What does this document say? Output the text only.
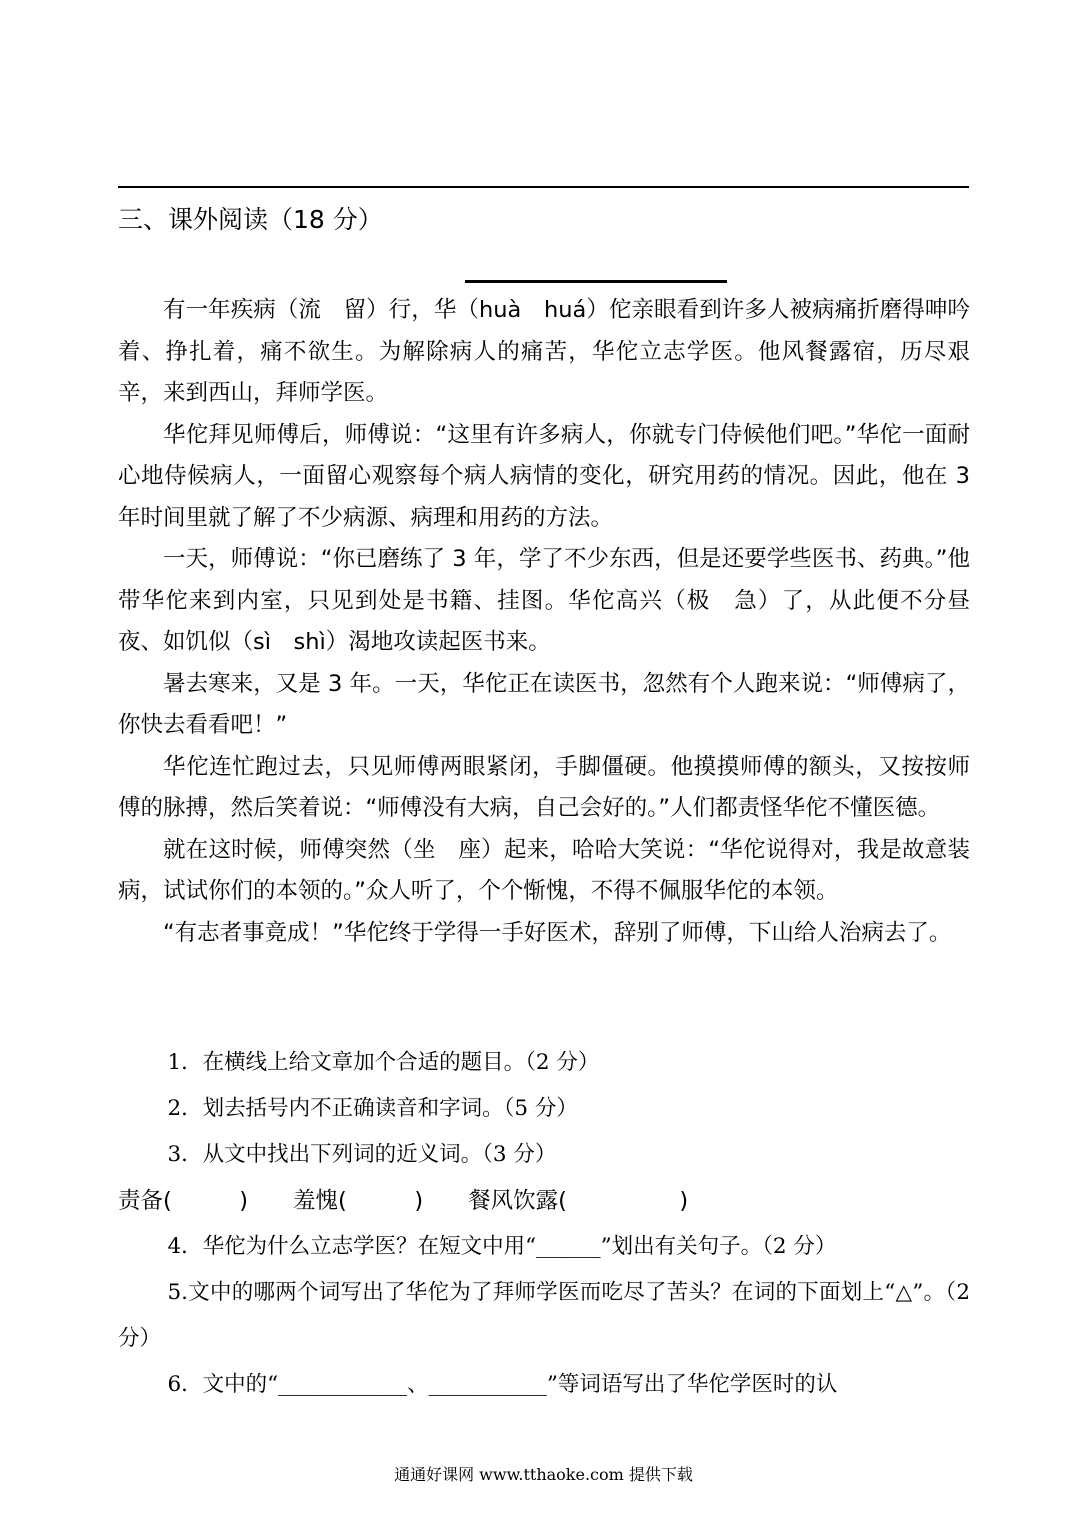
三、课外阅读（18 分）

有一年疾病（流　留）行，华（huà　huá）佗亲眼看到许多人被病痛折磨得呻吟着、挣扎着，痛不欲生。为解除病人的痛苦，华佗立志学医。他风餐露宿，历尽艰辛，来到西山，拜师学医。

华佗拜见师傅后，师傅说：“这里有许多病人，你就专门侍候他们吧。”华佗一面耐心地侍候病人，一面留心观察每个病人病情的变化，研究用药的情况。因此，他在 3 年时间里就了解了不少病源、病理和用药的方法。

一天，师傅说：“你已磨练了 3 年，学了不少东西，但是还要学些医书、药典。”他带华佗来到内室，只见到处是书籍、挂图。华佗高兴（极　急）了，从此便不分昼夜、如饥似（sì　shì）渴地攻读起医书来。

暑去寒来，又是 3 年。一天，华佗正在读医书，忽然有个人跑来说：“师傅病了，你快去看看吧！”

华佗连忙跑过去，只见师傅两眼紧闭，手脚僵硬。他摸摸师傅的额头，又按按师傅的脉搏，然后笑着说：“师傅没有大病，自己会好的。”人们都责怪华佗不懂医德。

就在这时候，师傅突然（坐　座）起来，哈哈大笑说：“华佗说得对，我是故意装病，试试你们的本领的。”众人听了，个个惭愧，不得不佩服华佗的本领。

“有志者事竟成！”华佗终于学得一手好医术，辞别了师傅，下山给人治病去了。

1．在横线上给文章加个合适的题目。（2 分）

2．划去括号内不正确读音和字词。（5 分）

3．从文中找出下列词的近义词。（3 分）

责备(　　　)　　羞愧(　　　)　　餐风饮露(　　　　　)

4．华佗为什么立志学医？在短文中用“______”划出有关句子。（2 分）

5.文中的哪两个词写出了华佗为了拜师学医而吃尽了苦头？在词的下面划上“△”。（2 分）

6．文中的“____________、___________”等词语写出了华佗学医时的认

通通好课网 www.tthaoke.com 提供下载
